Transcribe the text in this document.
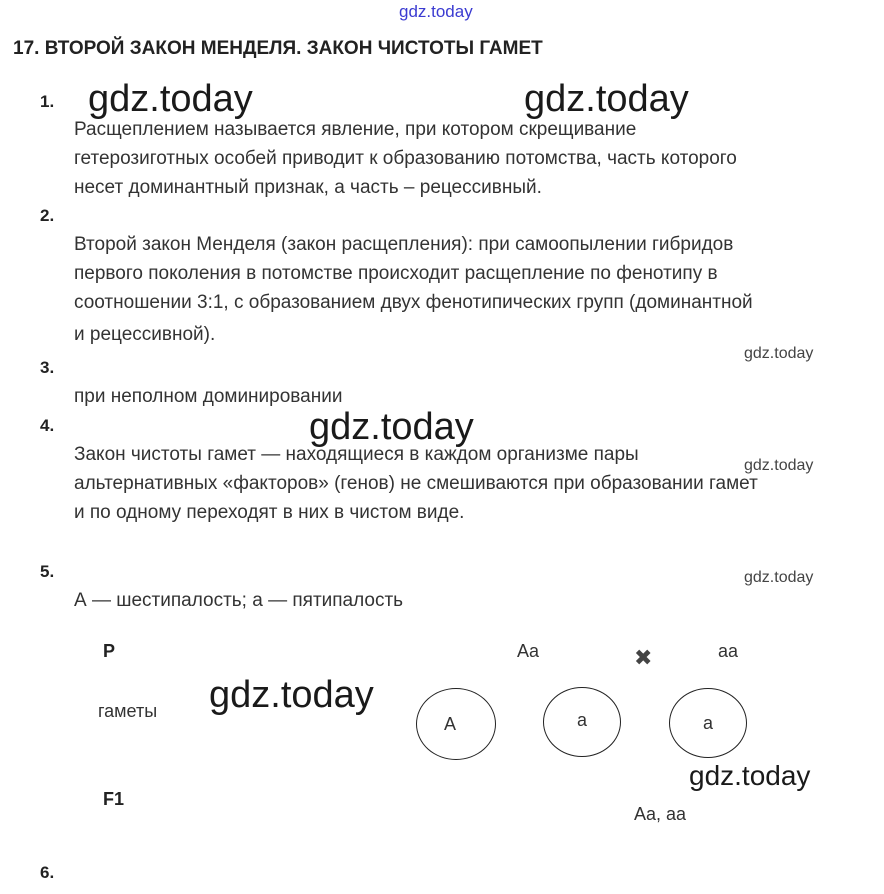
gdz.today
17. ВТОРОЙ ЗАКОН МЕНДЕЛЯ. ЗАКОН ЧИСТОТЫ ГАМЕТ
1.
Расщеплением называется явление, при котором скрещивание
гетерозиготных особей приводит к образованию потомства, часть которого
несет доминантный признак, а часть – рецессивный.
2.
Второй закон Менделя (закон расщепления): при самоопылении гибридов
первого поколения в потомстве происходит расщепление по фенотипу в
соотношении 3:1, с образованием двух фенотипических групп (доминантной
и рецессивной).
3.
при неполном доминировании
4.
Закон чистоты гамет — находящиеся в каждом организме пары
альтернативных «факторов» (генов) не смешиваются при образовании гамет
и по одному переходят в них в чистом виде.
5.
А — шестипалость; а — пятипалость
P	Aa	✖	aa
гаметы
A	a	a
F1
Aa, aa
6.
gdz.today	gdz.today
gdz.today
gdz.today
gdz.today
gdz.today
gdz.today
gdz.today
